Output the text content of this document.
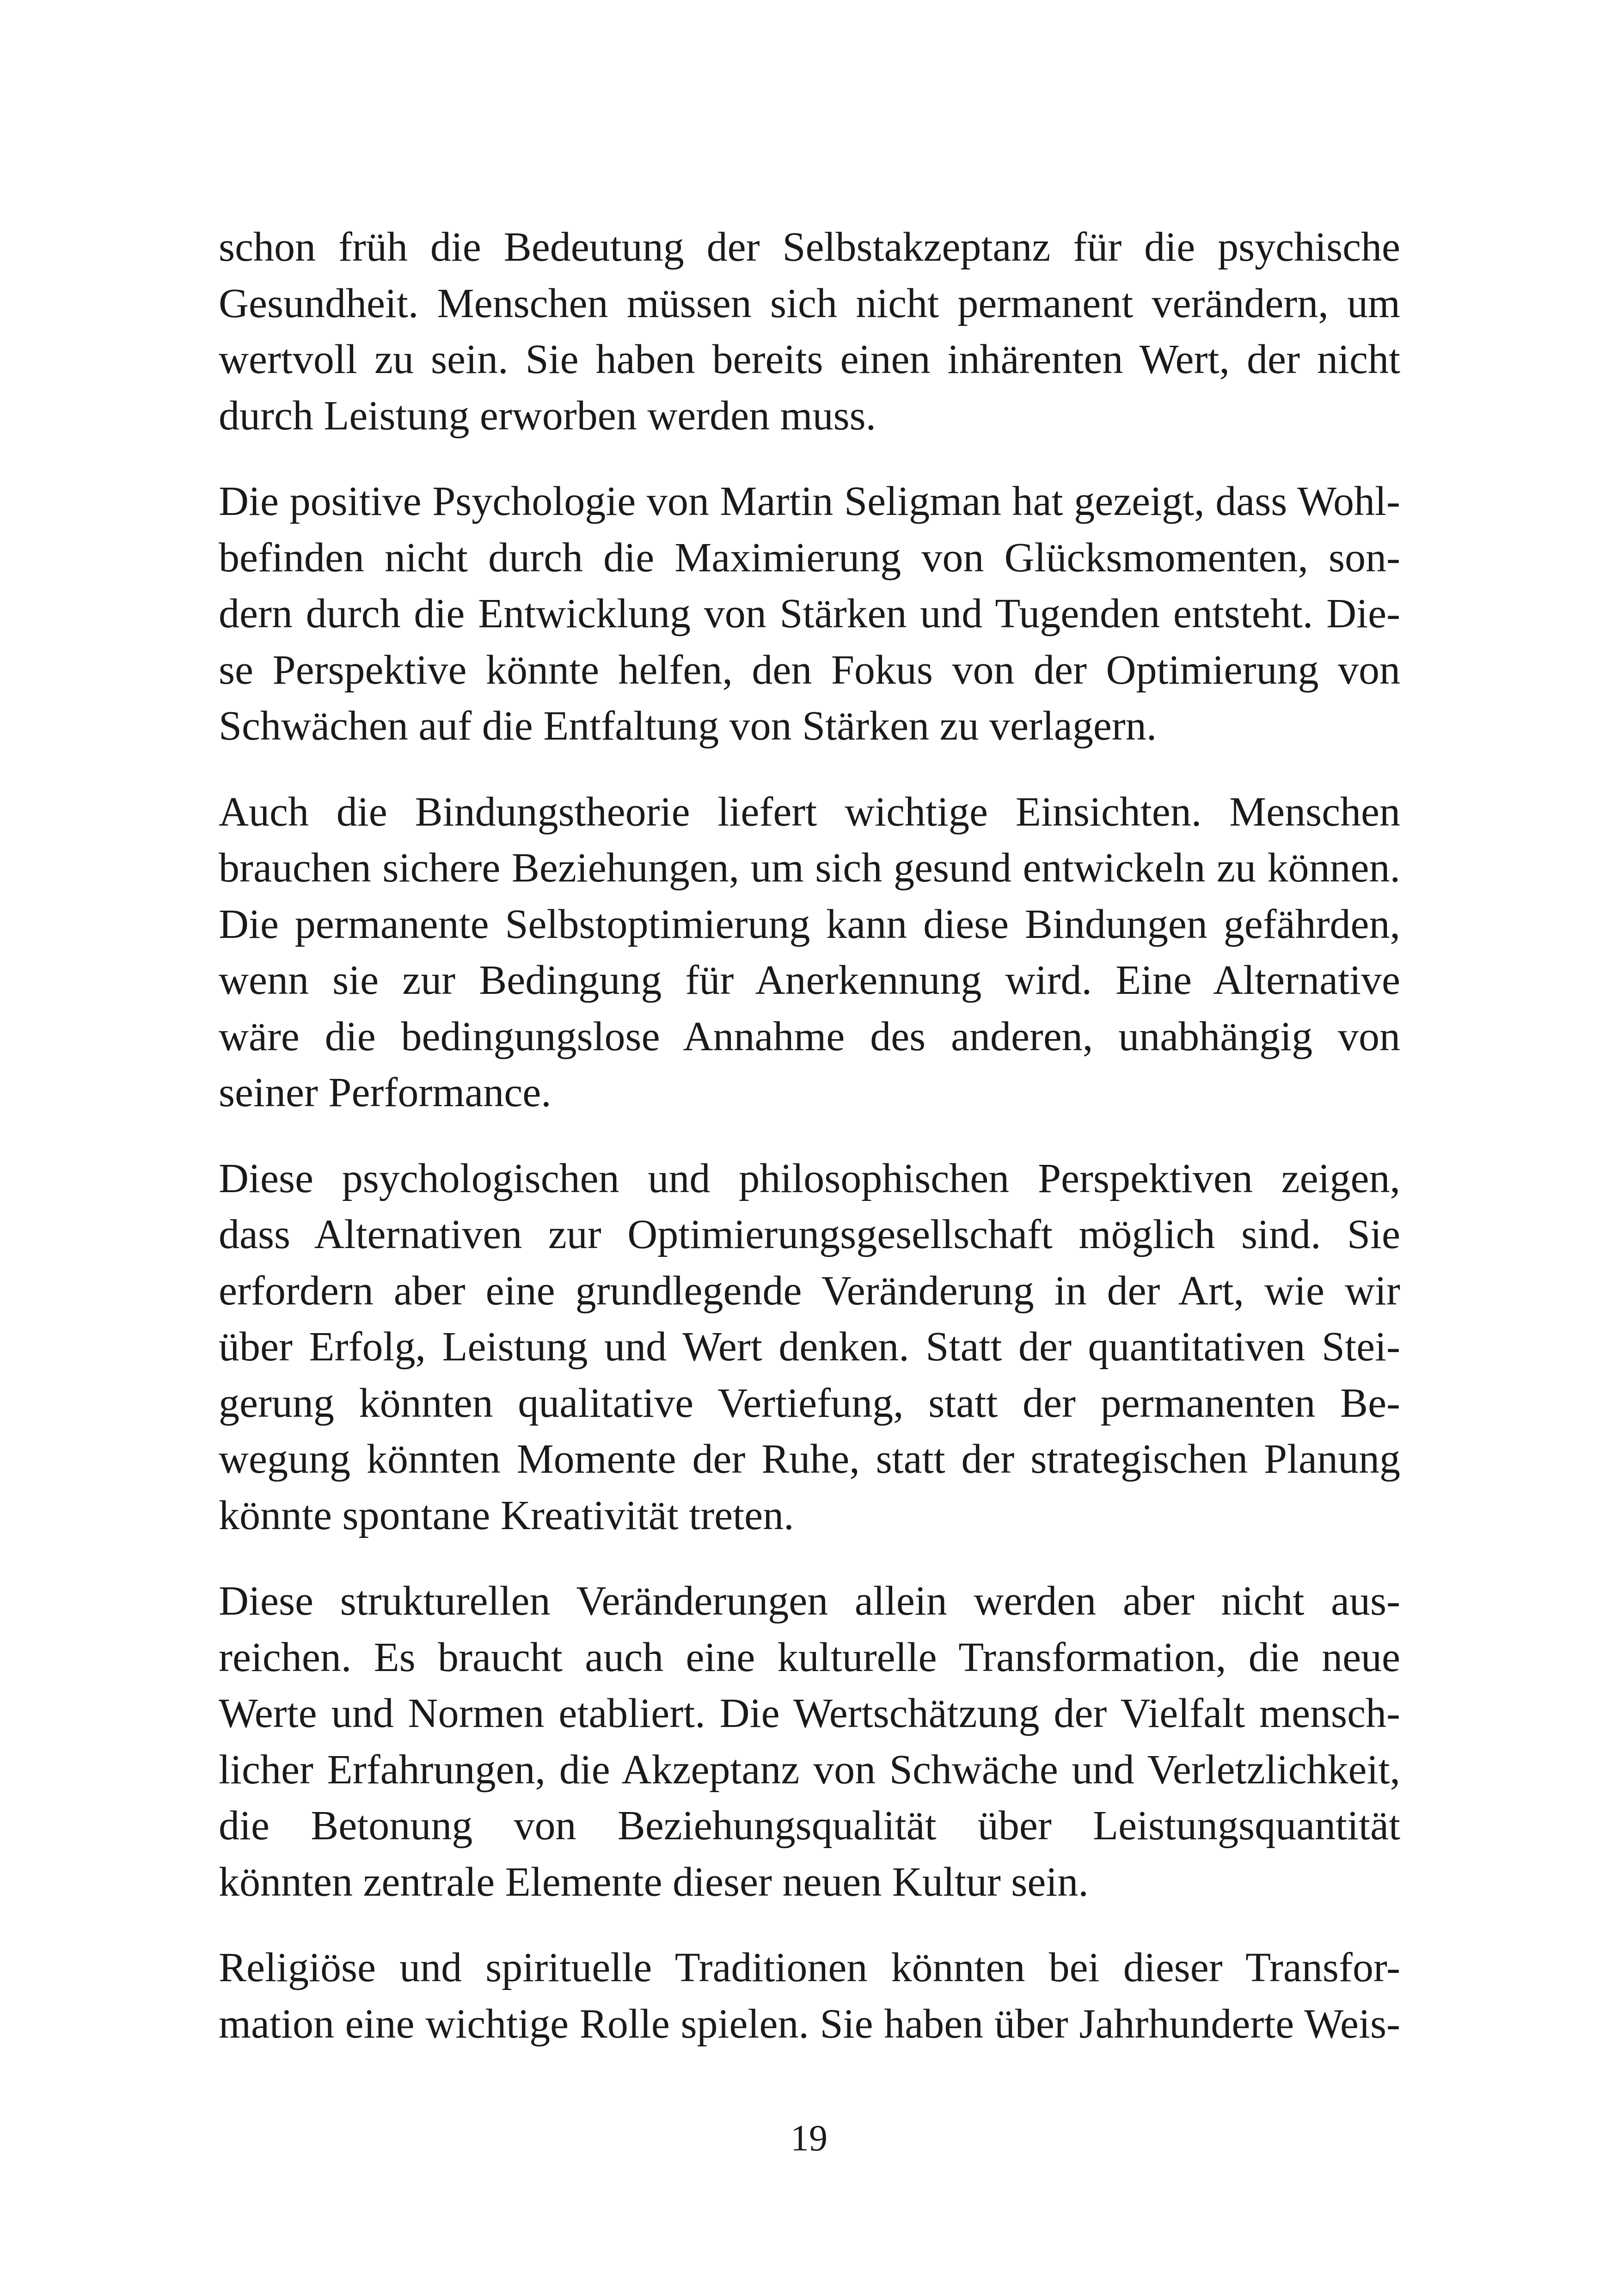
schon früh die Bedeutung der Selbstakzeptanz für die psychische
Gesundheit. Menschen müssen sich nicht permanent verändern, um
wertvoll zu sein. Sie haben bereits einen inhärenten Wert, der nicht
durch Leistung erworben werden muss.
Die positive Psychologie von Martin Seligman hat gezeigt, dass Wohl-
befinden nicht durch die Maximierung von Glücksmomenten, son-
dern durch die Entwicklung von Stärken und Tugenden entsteht. Die-
se Perspektive könnte helfen, den Fokus von der Optimierung von
Schwächen auf die Entfaltung von Stärken zu verlagern.
Auch die Bindungstheorie liefert wichtige Einsichten. Menschen
brauchen sichere Beziehungen, um sich gesund entwickeln zu können.
Die permanente Selbstoptimierung kann diese Bindungen gefährden,
wenn sie zur Bedingung für Anerkennung wird. Eine Alternative
wäre die bedingungslose Annahme des anderen, unabhängig von
seiner Performance.
Diese psychologischen und philosophischen Perspektiven zeigen,
dass Alternativen zur Optimierungsgesellschaft möglich sind. Sie
erfordern aber eine grundlegende Veränderung in der Art, wie wir
über Erfolg, Leistung und Wert denken. Statt der quantitativen Stei-
gerung könnten qualitative Vertiefung, statt der permanenten Be-
wegung könnten Momente der Ruhe, statt der strategischen Planung
könnte spontane Kreativität treten.
Diese strukturellen Veränderungen allein werden aber nicht aus-
reichen. Es braucht auch eine kulturelle Transformation, die neue
Werte und Normen etabliert. Die Wertschätzung der Vielfalt mensch-
licher Erfahrungen, die Akzeptanz von Schwäche und Verletzlichkeit,
die Betonung von Beziehungsqualität über Leistungsquantität
könnten zentrale Elemente dieser neuen Kultur sein.
Religiöse und spirituelle Traditionen könnten bei dieser Transfor-
mation eine wichtige Rolle spielen. Sie haben über Jahrhunderte Weis-
19
